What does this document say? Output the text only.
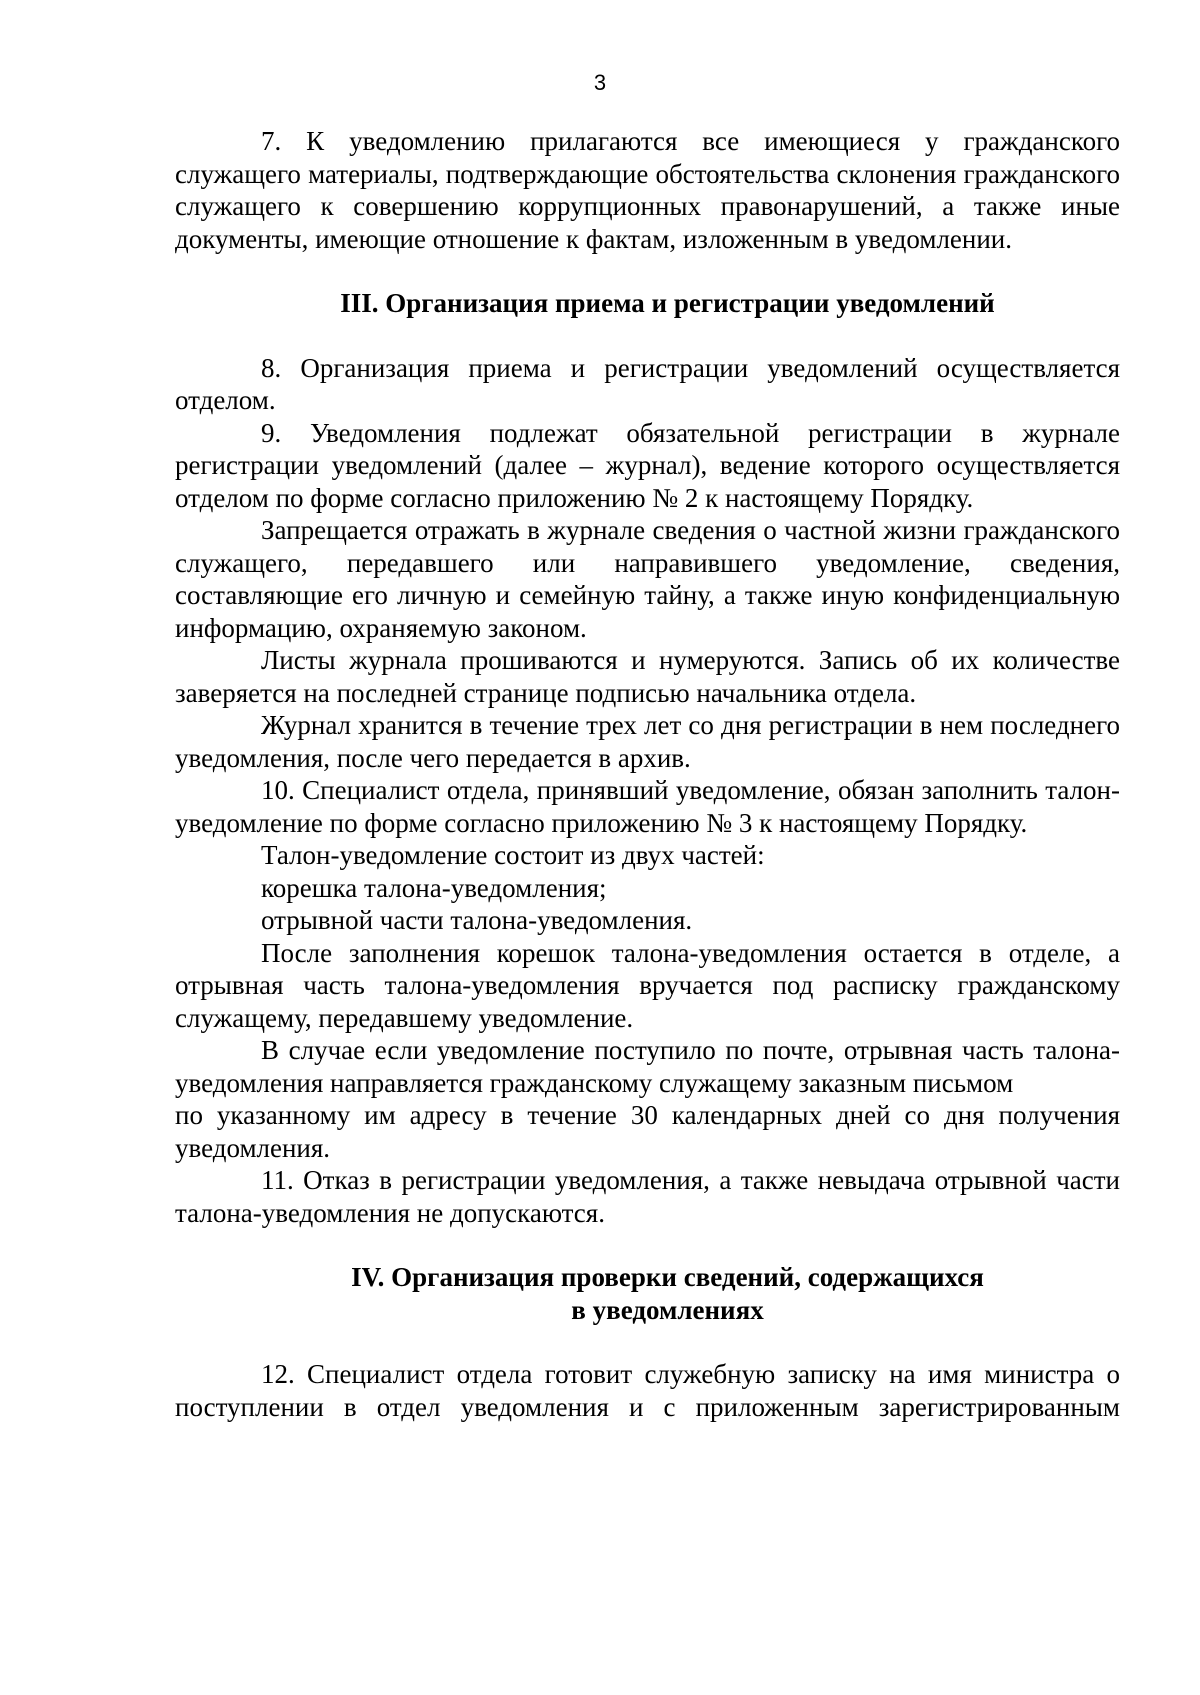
3

7. К уведомлению прилагаются все имеющиеся у гражданского служащего материалы, подтверждающие обстоятельства склонения гражданского служащего к совершению коррупционных правонарушений, а также иные документы, имеющие отношение к фактам, изложенным в уведомлении.

III. Организация приема и регистрации уведомлений

8. Организация приема и регистрации уведомлений осуществляется отделом.

9. Уведомления подлежат обязательной регистрации в журнале регистрации уведомлений (далее – журнал), ведение которого осуществляется отделом по форме согласно приложению № 2 к настоящему Порядку.

Запрещается отражать в журнале сведения о частной жизни гражданского служащего, передавшего или направившего уведомление, сведения, составляющие его личную и семейную тайну, а также иную конфиденциальную информацию, охраняемую законом.

Листы журнала прошиваются и нумеруются. Запись об их количестве заверяется на последней странице подписью начальника отдела.

Журнал хранится в течение трех лет со дня регистрации в нем последнего уведомления, после чего передается в архив.

10. Специалист отдела, принявший уведомление, обязан заполнить талон-уведомление по форме согласно приложению № 3 к настоящему Порядку.

Талон-уведомление состоит из двух частей:

корешка талона-уведомления;

отрывной части талона-уведомления.

После заполнения корешок талона-уведомления остается в отделе, а отрывная часть талона-уведомления вручается под расписку гражданскому служащему, передавшему уведомление.

В случае если уведомление поступило по почте, отрывная часть талона-уведомления направляется гражданскому служащему заказным письмом

по указанному им адресу в течение 30 календарных дней со дня получения уведомления.

11. Отказ в регистрации уведомления, а также невыдача отрывной части талона-уведомления не допускаются.

IV. Организация проверки сведений, содержащихся

в уведомлениях

12. Специалист отдела готовит служебную записку на имя министра о поступлении в отдел уведомления и с приложенным зарегистрированным
